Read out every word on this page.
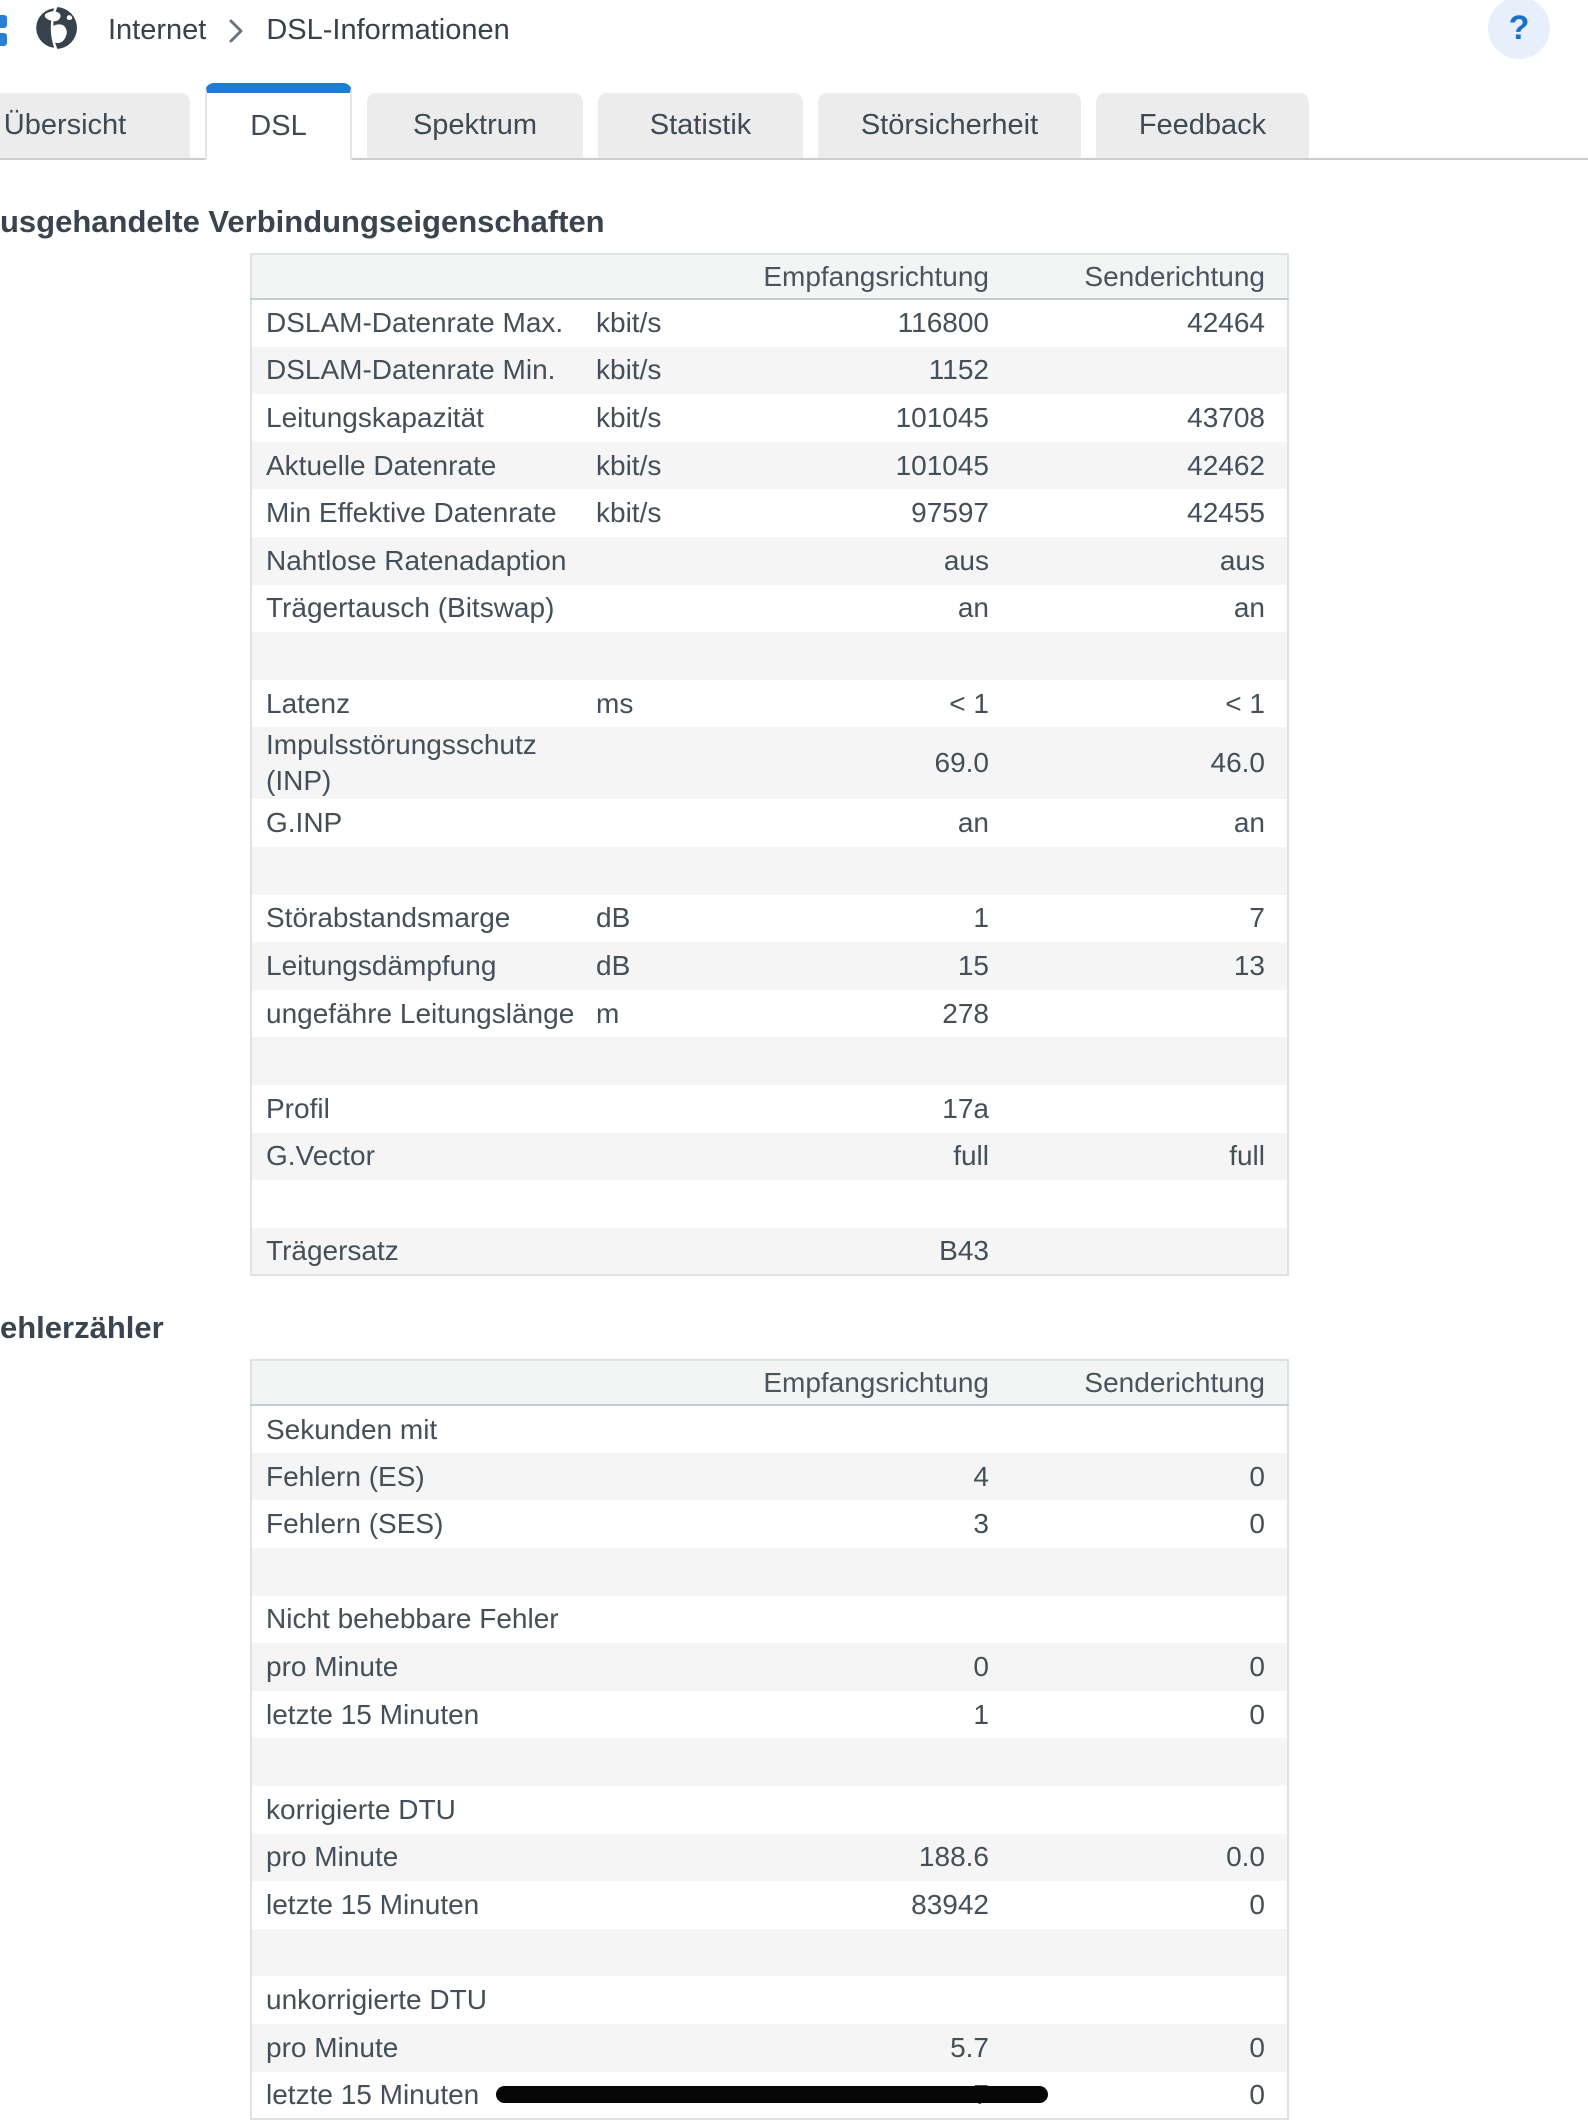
Internet DSL-Informationen	?
Übersicht	DSL	Spektrum	Statistik	Störsicherheit	Feedback
usgehandelte Verbindungseigenschaften
		Empfangsrichtung	Senderichtung
DSLAM-Datenrate Max.	kbit/s	116800	42464
DSLAM-Datenrate Min.	kbit/s	1152	
Leitungskapazität	kbit/s	101045	43708
Aktuelle Datenrate	kbit/s	101045	42462
Min Effektive Datenrate	kbit/s	97597	42455
Nahtlose Ratenadaption		aus	aus
Trägertausch (Bitswap)		an	an

Latenz	ms	< 1	< 1
Impulsstörungsschutz (INP)		69.0	46.0
G.INP		an	an

Störabstandsmarge	dB	1	7
Leitungsdämpfung	dB	15	13
ungefähre Leitungslänge	m	278	

Profil		17a	
G.Vector		full	full

Trägersatz		B43	
ehlerzähler
		Empfangsrichtung	Senderichtung
Sekunden mit			
Fehlern (ES)		4	0
Fehlern (SES)		3	0

Nicht behebbare Fehler			
pro Minute		0	0
letzte 15 Minuten		1	0

korrigierte DTU			
pro Minute		188.6	0.0
letzte 15 Minuten		83942	0

unkorrigierte DTU			
pro Minute		5.7	0
letzte 15 Minuten			0
